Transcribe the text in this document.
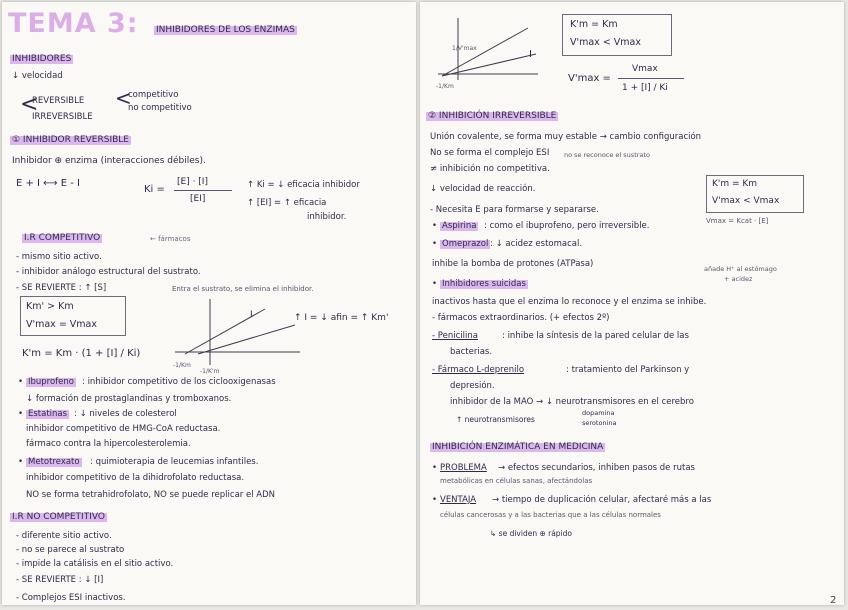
TEMA 3: INHIBIDORES DE LOS ENZIMAS
INHIBIDORES
↓ velocidad
<
REVERSIBLE
IRREVERSIBLE
<
competitivo
no competitivo
① INHIBIDOR REVERSIBLE
Inhibidor ⊕ enzima (interacciones débiles).
E + I ⟷ E - I
Ki =
[E] · [I]
[EI]
↑ Ki = ↓ eficacia inhibidor
↑ [EI] = ↑ eficacia
inhibidor.
I.R COMPETITIVO	← fármacos
- mismo sitio activo.
- inhibidor análogo estructural del sustrato.
- SE REVIERTE : ↑ [S]	Entra el sustrato, se elimina el inhibidor.
Km' > Km
V'max = Vmax
K'm = Km · (1 + [I] / Ki)
I
-1/Km
-1/K'm
↑ I = ↓ afin = ↑ Km'
• Ibuprofeno : inhibidor competitivo de los ciclooxigenasas
↓ formación de prostaglandinas y tromboxanos.
• Estatinas : ↓ niveles de colesterol
inhibidor competitivo de HMG-CoA reductasa.
fármaco contra la hipercolesterolemia.
• Metotrexato : quimioterapia de leucemias infantiles.
inhibidor competitivo de la dihidrofolato reductasa.
NO se forma tetrahidrofolato, NO se puede replicar el ADN
I.R NO COMPETITIVO
- diferente sitio activo.
- no se parece al sustrato
- impide la catálisis en el sitio activo.
- SE REVIERTE : ↓ [I]
- Complejos ESI inactivos.
1/V'max
-1/Km
I
K'm = Km
V'max < Vmax
V'max =
Vmax
1 + [I] / Ki
② INHIBICIÓN IRREVERSIBLE
Unión covalente, se forma muy estable → cambio configuración
No se forma el complejo ESI no se reconoce el sustrato
≠ inhibición no competitiva.
↓ velocidad de reacción.
- Necesita E para formarse y separarse.
K'm = Km
V'max < Vmax
Vmax = Kcat · [E]
• Aspirina : como el ibuprofeno, pero irreversible.
• Omeprazol : ↓ acidez estomacal.
inhibe la bomba de protones (ATPasa)	añade H⁺ al estómago
+ acidez
• Inhibidores suicidas
inactivos hasta que el enzima lo reconoce y el enzima se inhibe.
- fármacos extraordinarios. (+ efectos 2º)
- Penicilina	: inhibe la síntesis de la pared celular de las
bacterias.
- Fármaco L-deprenilo	: tratamiento del Parkinson y
depresión.
inhibidor de la MAO → ↓ neurotransmisores en el cerebro
↑ neurotransmisores
dopamina
serotonina
INHIBICIÓN ENZIMÁTICA EN MEDICINA
• PROBLEMA → efectos secundarios, inhiben pasos de rutas
metabólicas en células sanas, afectándolas
• VENTAJA → tiempo de duplicación celular, afectaré más a las
células cancerosas y a las bacterias que a las células normales
↳ se dividen ⊕ rápido
2
